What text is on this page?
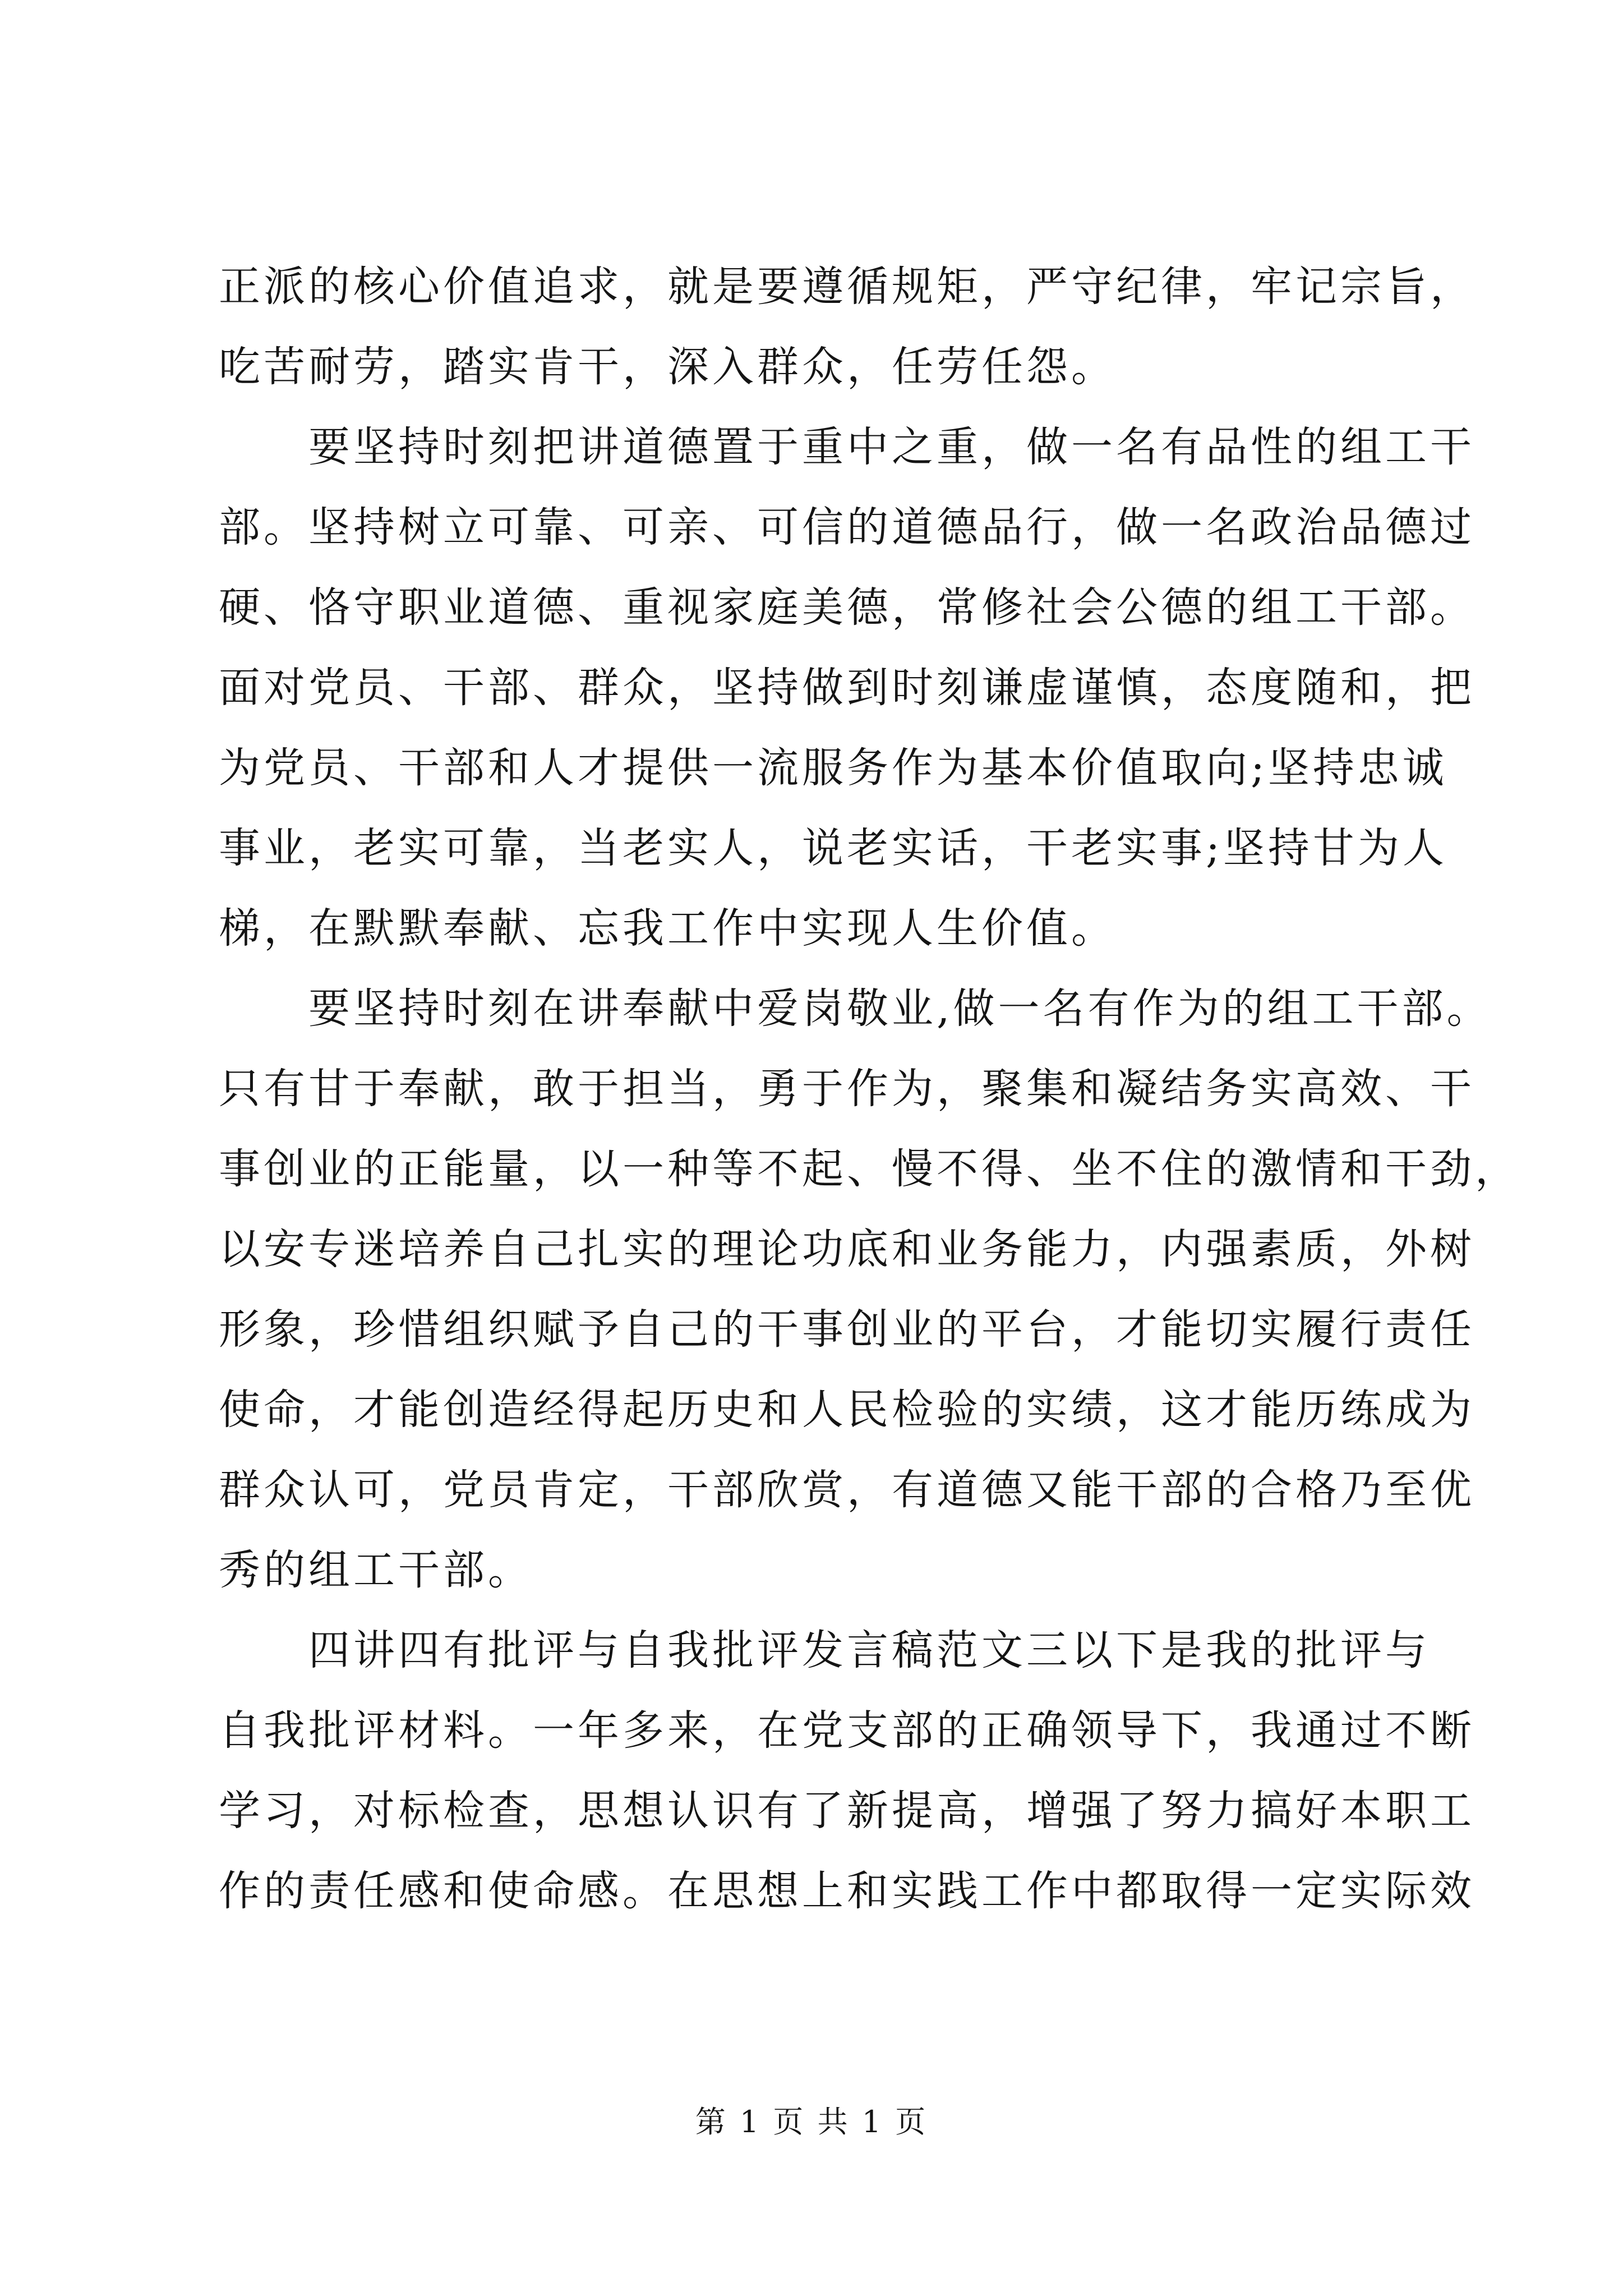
正派的核心价值追求，就是要遵循规矩，严守纪律，牢记宗旨，
吃苦耐劳，踏实肯干，深入群众，任劳任怨。
要坚持时刻把讲道德置于重中之重，做一名有品性的组工干
部。坚持树立可靠、可亲、可信的道德品行，做一名政治品德过
硬、恪守职业道德、重视家庭美德，常修社会公德的组工干部。
面对党员、干部、群众，坚持做到时刻谦虚谨慎，态度随和，把
为党员、干部和人才提供一流服务作为基本价值取向;坚持忠诚
事业，老实可靠，当老实人，说老实话，干老实事;坚持甘为人
梯，在默默奉献、忘我工作中实现人生价值。
要坚持时刻在讲奉献中爱岗敬业,做一名有作为的组工干部。
只有甘于奉献，敢于担当，勇于作为，聚集和凝结务实高效、干
事创业的正能量，以一种等不起、慢不得、坐不住的激情和干劲，
以安专迷培养自己扎实的理论功底和业务能力，内强素质，外树
形象，珍惜组织赋予自己的干事创业的平台，才能切实履行责任
使命，才能创造经得起历史和人民检验的实绩，这才能历练成为
群众认可，党员肯定，干部欣赏，有道德又能干部的合格乃至优
秀的组工干部。
四讲四有批评与自我批评发言稿范文三以下是我的批评与
自我批评材料。一年多来，在党支部的正确领导下，我通过不断
学习，对标检查，思想认识有了新提高，增强了努力搞好本职工
作的责任感和使命感。在思想上和实践工作中都取得一定实际效
第 1 页 共 1 页
